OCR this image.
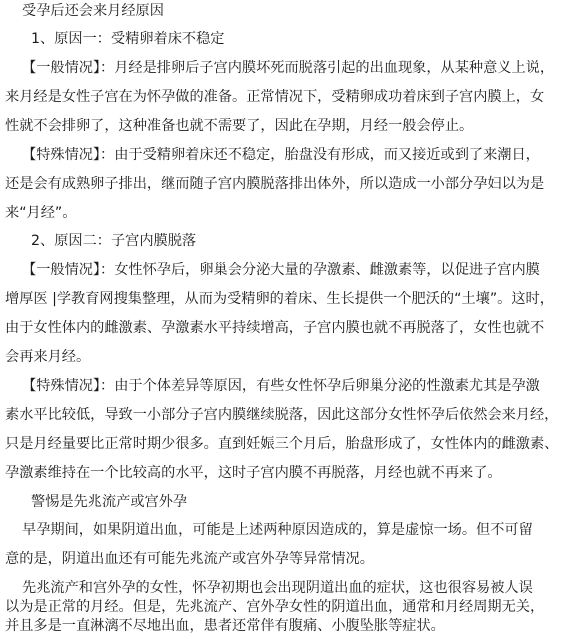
受孕后还会来月经原因
1、原因一：受精卵着床不稳定
【一般情况】：月经是排卵后子宫内膜坏死而脱落引起的出血现象，从某种意义上说，
来月经是女性子宫在为怀孕做的准备。正常情况下，受精卵成功着床到子宫内膜上，女
性就不会排卵了，这种准备也就不需要了，因此在孕期，月经一般会停止。
【特殊情况】：由于受精卵着床还不稳定，胎盘没有形成，而又接近或到了来潮日，
还是会有成熟卵子排出，继而随子宫内膜脱落排出体外，所以造成一小部分孕妇以为是
来“月经”。
2、原因二：子宫内膜脱落
【一般情况】：女性怀孕后，卵巢会分泌大量的孕激素、雌激素等，以促进子宫内膜
增厚医 |学教育网搜集整理，从而为受精卵的着床、生长提供一个肥沃的“土壤”。这时，
由于女性体内的雌激素、孕激素水平持续增高，子宫内膜也就不再脱落了，女性也就不
会再来月经。
【特殊情况】：由于个体差异等原因，有些女性怀孕后卵巢分泌的性激素尤其是孕激
素水平比较低，导致一小部分子宫内膜继续脱落，因此这部分女性怀孕后依然会来月经，
只是月经量要比正常时期少很多。直到妊娠三个月后，胎盘形成了，女性体内的雌激素、
孕激素维持在一个比较高的水平，这时子宫内膜不再脱落，月经也就不再来了。
警惕是先兆流产或宫外孕
早孕期间，如果阴道出血，可能是上述两种原因造成的，算是虚惊一场。但不可留
意的是，阴道出血还有可能先兆流产或宫外孕等异常情况。
先兆流产和宫外孕的女性，怀孕初期也会出现阴道出血的症状，这也很容易被人误
以为是正常的月经。但是，先兆流产、宫外孕女性的阴道出血，通常和月经周期无关，
并且多是一直淋漓不尽地出血，患者还常伴有腹痛、小腹坠胀等症状。
